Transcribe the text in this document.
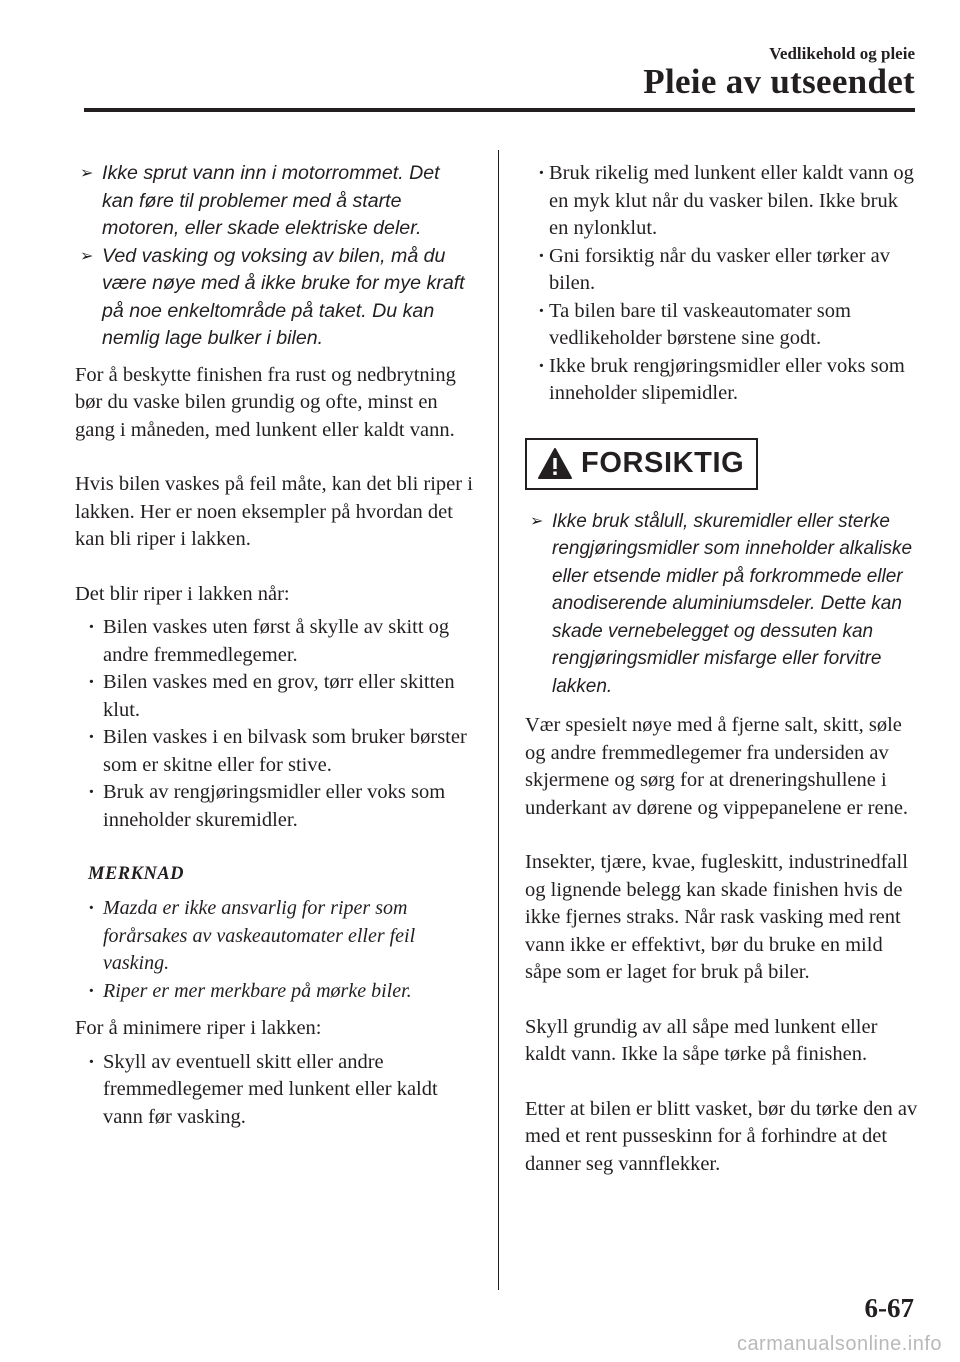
Vedlikehold og pleie
Pleie av utseendet

➢ Ikke sprut vann inn i motorrommet. Det kan føre til problemer med å starte motoren, eller skade elektriske deler.

➢ Ved vasking og voksing av bilen, må du være nøye med å ikke bruke for mye kraft på noe enkeltområde på taket. Du kan nemlig lage bulker i bilen.

For å beskytte finishen fra rust og nedbrytning bør du vaske bilen grundig og ofte, minst en gang i måneden, med lunkent eller kaldt vann.

Hvis bilen vaskes på feil måte, kan det bli riper i lakken. Her er noen eksempler på hvordan det kan bli riper i lakken.

Det blir riper i lakken når:

· Bilen vaskes uten først å skylle av skitt og andre fremmedlegemer.

· Bilen vaskes med en grov, tørr eller skitten klut.

· Bilen vaskes i en bilvask som bruker børster som er skitne eller for stive.

· Bruk av rengjøringsmidler eller voks som inneholder skuremidler.

MERKNAD

· Mazda er ikke ansvarlig for riper som forårsakes av vaskeautomater eller feil vasking.

· Riper er mer merkbare på mørke biler.

For å minimere riper i lakken:

· Skyll av eventuell skitt eller andre fremmedlegemer med lunkent eller kaldt vann før vasking.

· Bruk rikelig med lunkent eller kaldt vann og en myk klut når du vasker bilen. Ikke bruk en nylonklut.

· Gni forsiktig når du vasker eller tørker av bilen.

· Ta bilen bare til vaskeautomater som vedlikeholder børstene sine godt.

· Ikke bruk rengjøringsmidler eller voks som inneholder slipemidler.

FORSIKTIG

➢ Ikke bruk stålull, skuremidler eller sterke rengjøringsmidler som inneholder alkaliske eller etsende midler på forkrommede eller anodiserende aluminiumsdeler. Dette kan skade vernebelegget og dessuten kan rengjøringsmidler misfarge eller forvitre lakken.

Vær spesielt nøye med å fjerne salt, skitt, søle og andre fremmedlegemer fra undersiden av skjermene og sørg for at dreneringshullene i underkant av dørene og vippepanelene er rene.

Insekter, tjære, kvae, fugleskitt, industrinedfall og lignende belegg kan skade finishen hvis de ikke fjernes straks. Når rask vasking med rent vann ikke er effektivt, bør du bruke en mild såpe som er laget for bruk på biler.

Skyll grundig av all såpe med lunkent eller kaldt vann. Ikke la såpe tørke på finishen.

Etter at bilen er blitt vasket, bør du tørke den av med et rent pusseskinn for å forhindre at det danner seg vannflekker.

6-67
carmanualsonline.info
